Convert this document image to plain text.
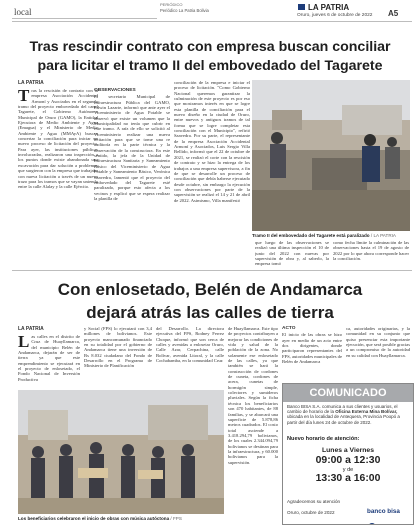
local
PERIÓDICO
Periódico La Patria Bolivia	LA PATRIA
Oruro, jueves 6 de octubre de 2022 A5
Tras rescindir contrato con empresa buscan conciliar
para licitar el tramo II del embovedado del Tagarete
LA PATRIA
T ras la rescisión de contrato con la empresa Asociación Accidental Armoní y Asociados en el segundo tramo del proyecto embovedado del canal Tagarete, el Gobierno Autónomo Municipal de Oruro (GAMO), la Entidad Ejecutora de Medio Ambiente y Agua (Emagua) y el Ministerio de Medio Ambiente y Agua (MMAyA) buscan concertar la conciliación para iniciar un nuevo proceso de licitación del proyecto. Para ayer, las instituciones públicas involucradas, realizaron una inspección a los puntos donde existe abandonada una excavación para dar solución a problemas que surgieron con la empresa que trabajaba con nueva licitación a través de un nuevo trazo para los tramos que se vayan uniendo entre la calle Alalay y la calle Ejército.
OBSERVACIONES

El secretario Municipal de Infraestructura Pública del GAMO, Edwin Lazarte, informó que ante ayer el Viceministerio de Agua Potable se observó que existe un volumen que la Municipalidad no tenía que cubrir en este tramo. A raíz de ello se solicitó al Viceministerio realizar una nueva licitación para que se tome una re auditoría en la parte técnica y la observación de la constructora. En este sentido, la jefa de la Unidad de Infraestructura Sanitaria y Saneamiento Básico del Viceministerio de Agua Potable y Saneamiento Básico, Verónica Saavedra, lamentó que el proyecto del embovedado del Tagarete esté paralizado, porque esto afecta a los vecinos y explicó que se espera realizar la planilla de

conciliación de la empresa e iniciar el proceso de licitación. "Como Gobierno Nacional queremos garantizar la culminación de este proyecto es por eso que mostramos interés en que se logre esta planilla de conciliación para el nuevo diseño en la ciudad de Oruro, entre nuevos y antiguos tramos de tal forma que se logre completar esta conciliación con el Municipio", refirió Saavedra. Por su parte, el representante de la empresa Asociación Accidental Armoní y Asociados, Luis Sergio Villa Bellido, informó que el 22 de octubre de 2021, se realizó el corte con la rescisión de contrato y se hizo la entrega de los trabajos a una empresa supervisora, a fin de que se desarrolle un proceso de conciliación que debía haberse ejecutado desde octubre, sin embargo la ejecución con observaciones por parte de la supervisión se realizó el 14 y 21 de abril de 2022. Asimismo, Villa manifestó

Tramo II del embovedado del Tagarete está paralizado / LA PATRIA

que luego de las observaciones se realizó una última inspección el 10 de junio del 2022 con nuevas por supervisión de obra y, al saberlo, la empresa tomó

como fecha límite la culminación de las observaciones hasta el 19 de agosto de 2022 por lo que ahora corresponde hacer la conciliación.

Con enlosetado, Belén de Andamarca
dejará atrás las calles de tierra
LA PATRIA
L as calles en el distrito de Cruz de Huayllamarca, del municipio Belén de Andamarca, dejarán de ser de tierra ya que este emprendimiento se ejecutará en el proyecto de enlosetado, el Fondo Nacional de Inversión Productiva

y Social (FPS) lo ejecutará con 3,4 millones de bolivianos. Este proyecto mancomunado financiado en su totalidad por el gobierno de Andamarca tiene una inversión de Bs 8.032 ciudadano del Fondo de Desarrollo en el Programa de Ministerio de Planificación

del Desarrollo. La directora ejecutiva del FPS, Rodney Ferrez Choque, informó que son cerca de calles y avenidas a enlosetar Oruro, Calle Azar, Cerpachina, calle Bolívar, avenida Litoral, y la calle Cochabamba, en la comunidad Cruz

Los beneficiarios celebraron el inicio de obras con música autóctona / FPS

de Huayllamarca. Este tipo de proyectos contribuyen a mejorar las condiciones de vida y salud de la población de la zona. No solamente ese enlosetado de las calles, ya que también se hará la construcción de cordones de cuneta, cordones de acera, cunetas de hormigón simple, colectores y sumideros pluviales. Según la ficha técnica los beneficiarios son 470 habitantes, de 88 familias, y se abarcará una superficie de 5.878,86 metros cuadrados. El costo total asciende a 3.418.294,79 bolivianos, de los cuales 2.344.094,79 bolivianos se destinan para la infraestructura, y 60.000 bolivianos para la supervisión.

ACTO

El inicio de las obras se hizo ayer en medio de un acto entre dos dirigentes, donde participaron representantes del FPS, autoridades municipales de Belén de Andamarca

ca, autoridades originarias, y la comunidad en su conjunto que quiso presenciar esta importante ejecución, que será posible gracias a un compromiso de la autoridad en su calidad con Huayllamarca.

COMUNICADO
Banco BISA S.A. comunica a sus clientes y usuarios, el cambio de horario de la Oficina Externa Mina Bolívar, ubicada en la localidad de Antequera, Provincia Poopó a partir del día lunes 24 de octubre de 2022.
Nuevo horario de atención:
Lunes a Viernes
09:00 a 12:30
y de
13:30 a 16:00
Agradecemos su atención
Oruro, octubre de 2022	banco bisa
